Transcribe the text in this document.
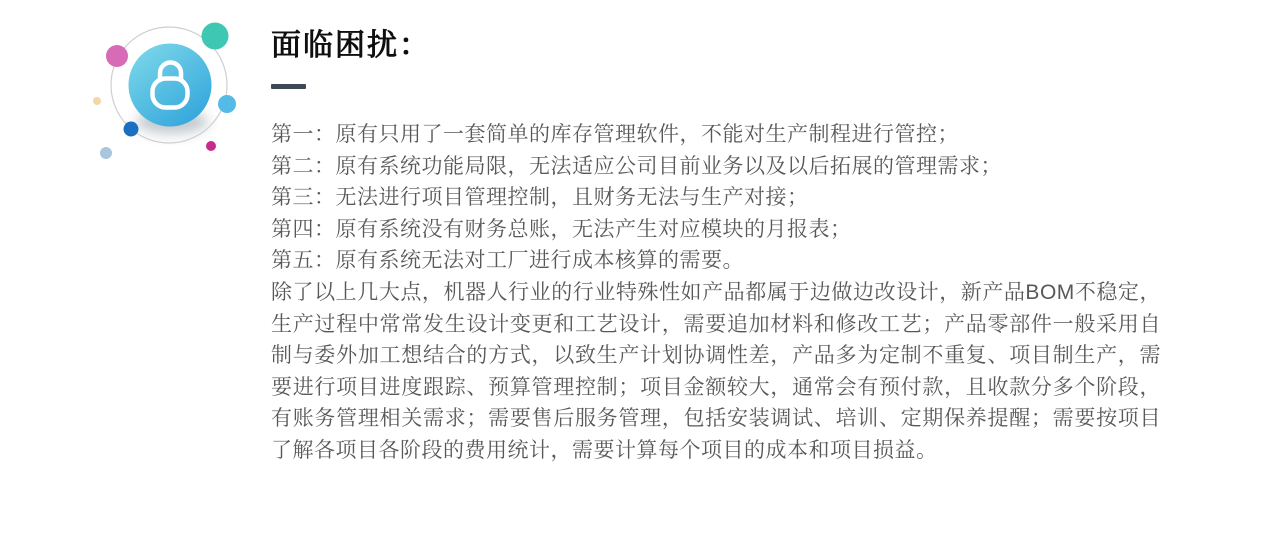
面临困扰：

第一：原有只用了一套简单的库存管理软件，不能对生产制程进行管控；

第二：原有系统功能局限，无法适应公司目前业务以及以后拓展的管理需求；

第三：无法进行项目管理控制，且财务无法与生产对接；

第四：原有系统没有财务总账，无法产生对应模块的月报表；

第五：原有系统无法对工厂进行成本核算的需要。

除了以上几大点，机器人行业的行业特殊性如产品都属于边做边改设计，新产品BOM不稳定，生产过程中常常发生设计变更和工艺设计，需要追加材料和修改工艺；产品零部件一般采用自制与委外加工想结合的方式，以致生产计划协调性差，产品多为定制不重复、项目制生产，需要进行项目进度跟踪、预算管理控制；项目金额较大，通常会有预付款，且收款分多个阶段，有账务管理相关需求；需要售后服务管理，包括安装调试、培训、定期保养提醒；需要按项目了解各项目各阶段的费用统计，需要计算每个项目的成本和项目损益。
